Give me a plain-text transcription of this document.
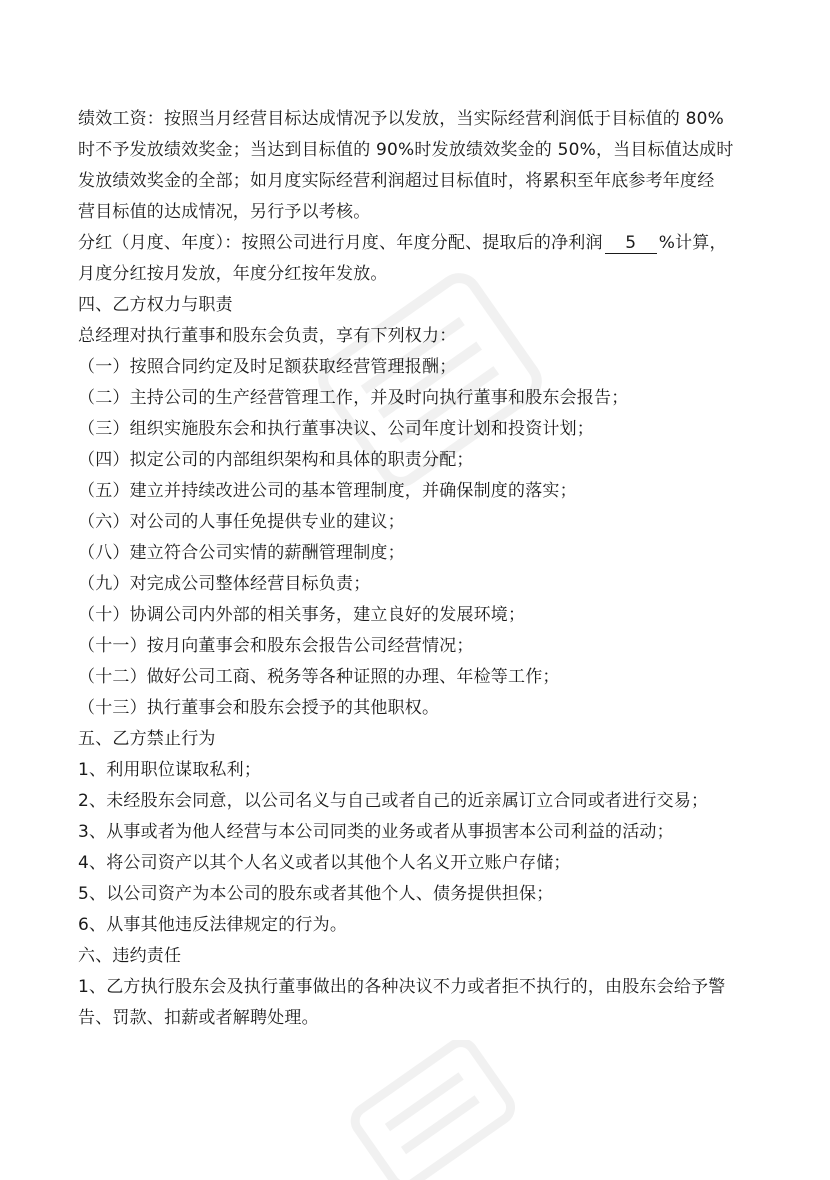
绩效工资：按照当月经营目标达成情况予以发放，当实际经营利润低于目标值的 80%
时不予发放绩效奖金；当达到目标值的 90%时发放绩效奖金的 50%，当目标值达成时
发放绩效奖金的全部；如月度实际经营利润超过目标值时，将累积至年底参考年度经
营目标值的达成情况，另行予以考核。
分红（月度、年度）：按照公司进行月度、年度分配、提取后的净利润 5 %计算，
月度分红按月发放，年度分红按年发放。
四、乙方权力与职责
总经理对执行董事和股东会负责，享有下列权力：
（一）按照合同约定及时足额获取经营管理报酬；
（二）主持公司的生产经营管理工作，并及时向执行董事和股东会报告；
（三）组织实施股东会和执行董事决议、公司年度计划和投资计划；
（四）拟定公司的内部组织架构和具体的职责分配；
（五）建立并持续改进公司的基本管理制度，并确保制度的落实；
（六）对公司的人事任免提供专业的建议；
（八）建立符合公司实情的薪酬管理制度；
（九）对完成公司整体经营目标负责；
（十）协调公司内外部的相关事务，建立良好的发展环境；
（十一）按月向董事会和股东会报告公司经营情况；
（十二）做好公司工商、税务等各种证照的办理、年检等工作；
（十三）执行董事会和股东会授予的其他职权。
五、乙方禁止行为
1、利用职位谋取私利；
2、未经股东会同意，以公司名义与自己或者自己的近亲属订立合同或者进行交易；
3、从事或者为他人经营与本公司同类的业务或者从事损害本公司利益的活动；
4、将公司资产以其个人名义或者以其他个人名义开立账户存储；
5、以公司资产为本公司的股东或者其他个人、债务提供担保；
6、从事其他违反法律规定的行为。
六、违约责任
1、乙方执行股东会及执行董事做出的各种决议不力或者拒不执行的，由股东会给予警
告、罚款、扣薪或者解聘处理。
